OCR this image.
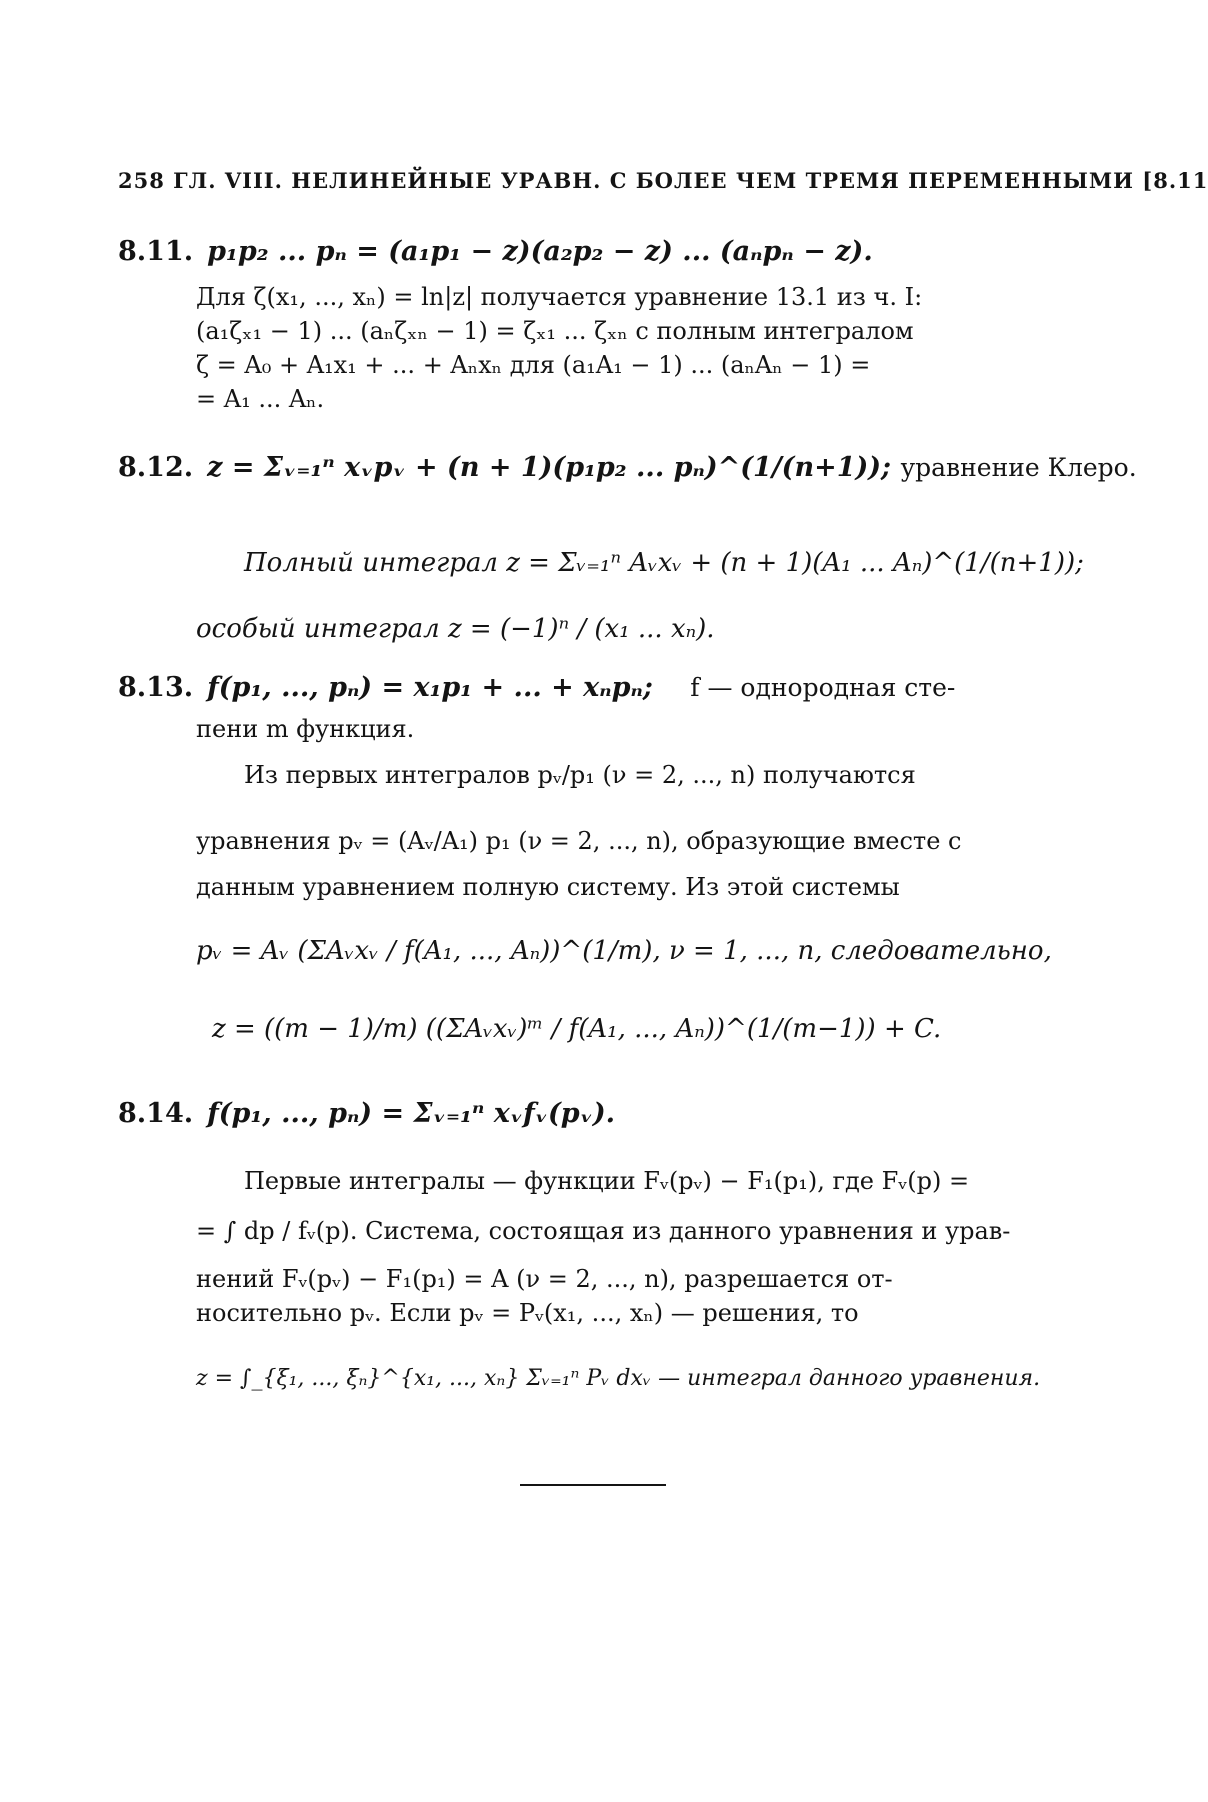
258 ГЛ. VIII. НЕЛИНЕЙНЫЕ УРАВН. С БОЛЕЕ ЧЕМ ТРЕМЯ ПЕРЕМЕННЫМИ [8.11
8.11. p₁p₂ ... pₙ = (a₁p₁ − z)(a₂p₂ − z) ... (aₙpₙ − z).
Для ζ(x₁, ..., xₙ) = ln|z| получается уравнение 13.1 из ч. I:
(a₁ζₓ₁ − 1) ... (aₙζₓₙ − 1) = ζₓ₁ ... ζₓₙ с полным интегралом
ζ = A₀ + A₁x₁ + ... + Aₙxₙ для (a₁A₁ − 1) ... (aₙAₙ − 1) =
= A₁ ... Aₙ.
8.12. z = Σᵥ₌₁ⁿ xᵥpᵥ + (n + 1)(p₁p₂ ... pₙ)^(1/(n+1)); уравнение Клеро.
Полный интеграл z = Σᵥ₌₁ⁿ Aᵥxᵥ + (n + 1)(A₁ ... Aₙ)^(1/(n+1));
особый интеграл z = (−1)ⁿ / (x₁ ... xₙ).
8.13. f(p₁, ..., pₙ) = x₁p₁ + ... + xₙpₙ; f — однородная сте-
пени m функция.
Из первых интегралов pᵥ/p₁ (ν = 2, ..., n) получаются
уравнения pᵥ = (Aᵥ/A₁) p₁ (ν = 2, ..., n), образующие вместе с
данным уравнением полную систему. Из этой системы
pᵥ = Aᵥ (ΣAᵥxᵥ / f(A₁, ..., Aₙ))^(1/m), ν = 1, ..., n, следовательно,
z = ((m − 1)/m) ((ΣAᵥxᵥ)ᵐ / f(A₁, ..., Aₙ))^(1/(m−1)) + C.
8.14. f(p₁, ..., pₙ) = Σᵥ₌₁ⁿ xᵥfᵥ(pᵥ).
Первые интегралы — функции Fᵥ(pᵥ) − F₁(p₁), где Fᵥ(p) =
= ∫ dp / fᵥ(p). Система, состоящая из данного уравнения и урав-
нений Fᵥ(pᵥ) − F₁(p₁) = A (ν = 2, ..., n), разрешается от-
носительно pᵥ. Если pᵥ = Pᵥ(x₁, ..., xₙ) — решения, то
z = ∫_{ξ₁, ..., ξₙ}^{x₁, ..., xₙ} Σᵥ₌₁ⁿ Pᵥ dxᵥ — интеграл данного уравнения.
